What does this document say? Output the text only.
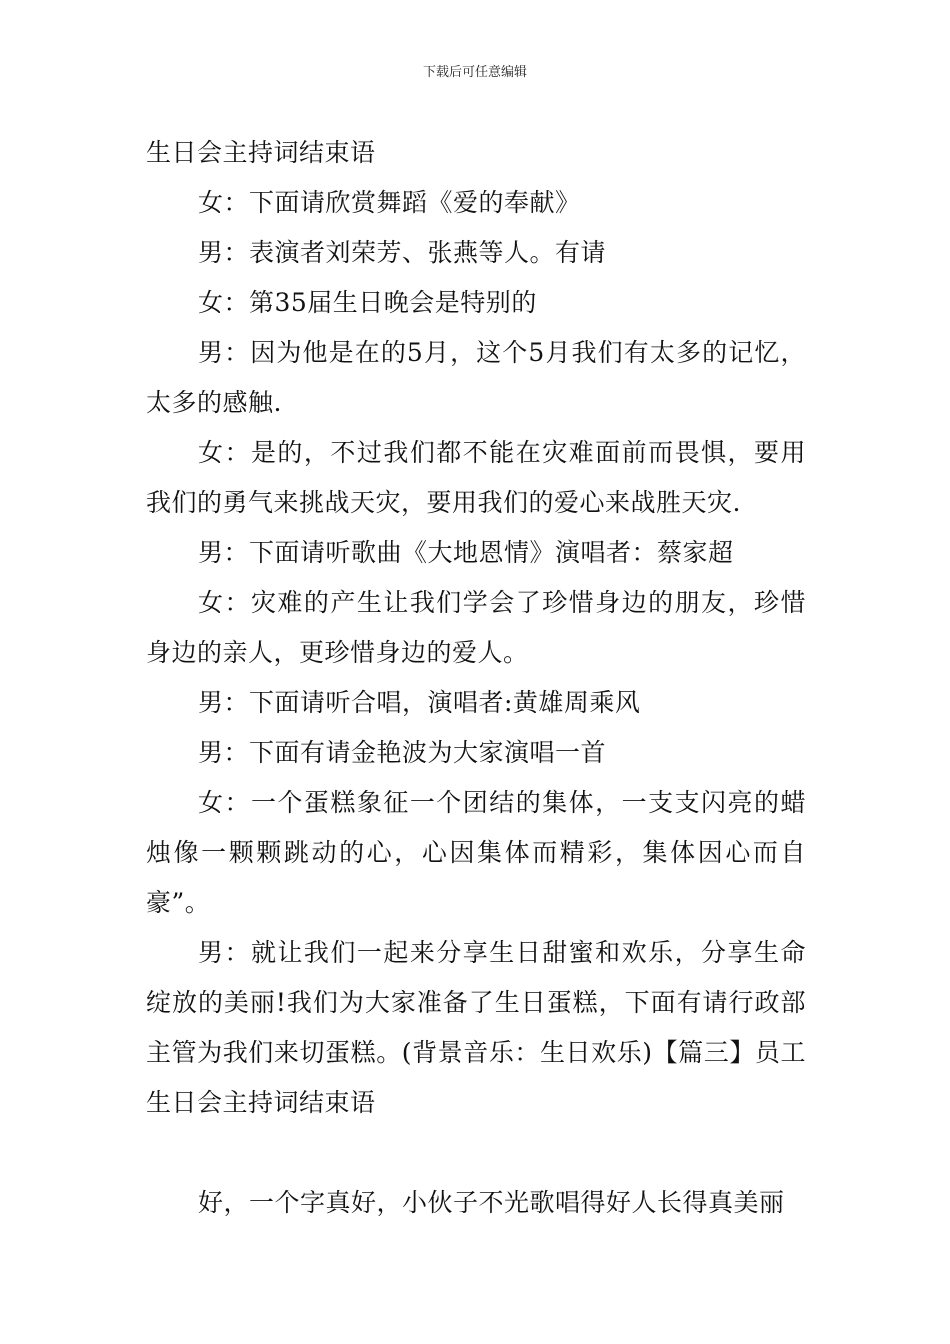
下载后可任意编辑

生日会主持词结束语

女：下面请欣赏舞蹈《爱的奉献》

男：表演者刘荣芳、张燕等人。有请

女：第35届生日晚会是特别的

男：因为他是在的5月，这个5月我们有太多的记忆，太多的感触.

女：是的，不过我们都不能在灾难面前而畏惧，要用我们的勇气来挑战天灾，要用我们的爱心来战胜天灾.

男：下面请听歌曲《大地恩情》演唱者：蔡家超

女：灾难的产生让我们学会了珍惜身边的朋友，珍惜身边的亲人，更珍惜身边的爱人。

男：下面请听合唱，演唱者:黄雄周乘风

男：下面有请金艳波为大家演唱一首

女：一个蛋糕象征一个团结的集体，一支支闪亮的蜡烛像一颗颗跳动的心，心因集体而精彩，集体因心而自豪”。

男：就让我们一起来分享生日甜蜜和欢乐，分享生命绽放的美丽!我们为大家准备了生日蛋糕，下面有请行政部主管为我们来切蛋糕。(背景音乐：生日欢乐)【篇三】员工生日会主持词结束语

好，一个字真好，小伙子不光歌唱得好人长得真美丽
